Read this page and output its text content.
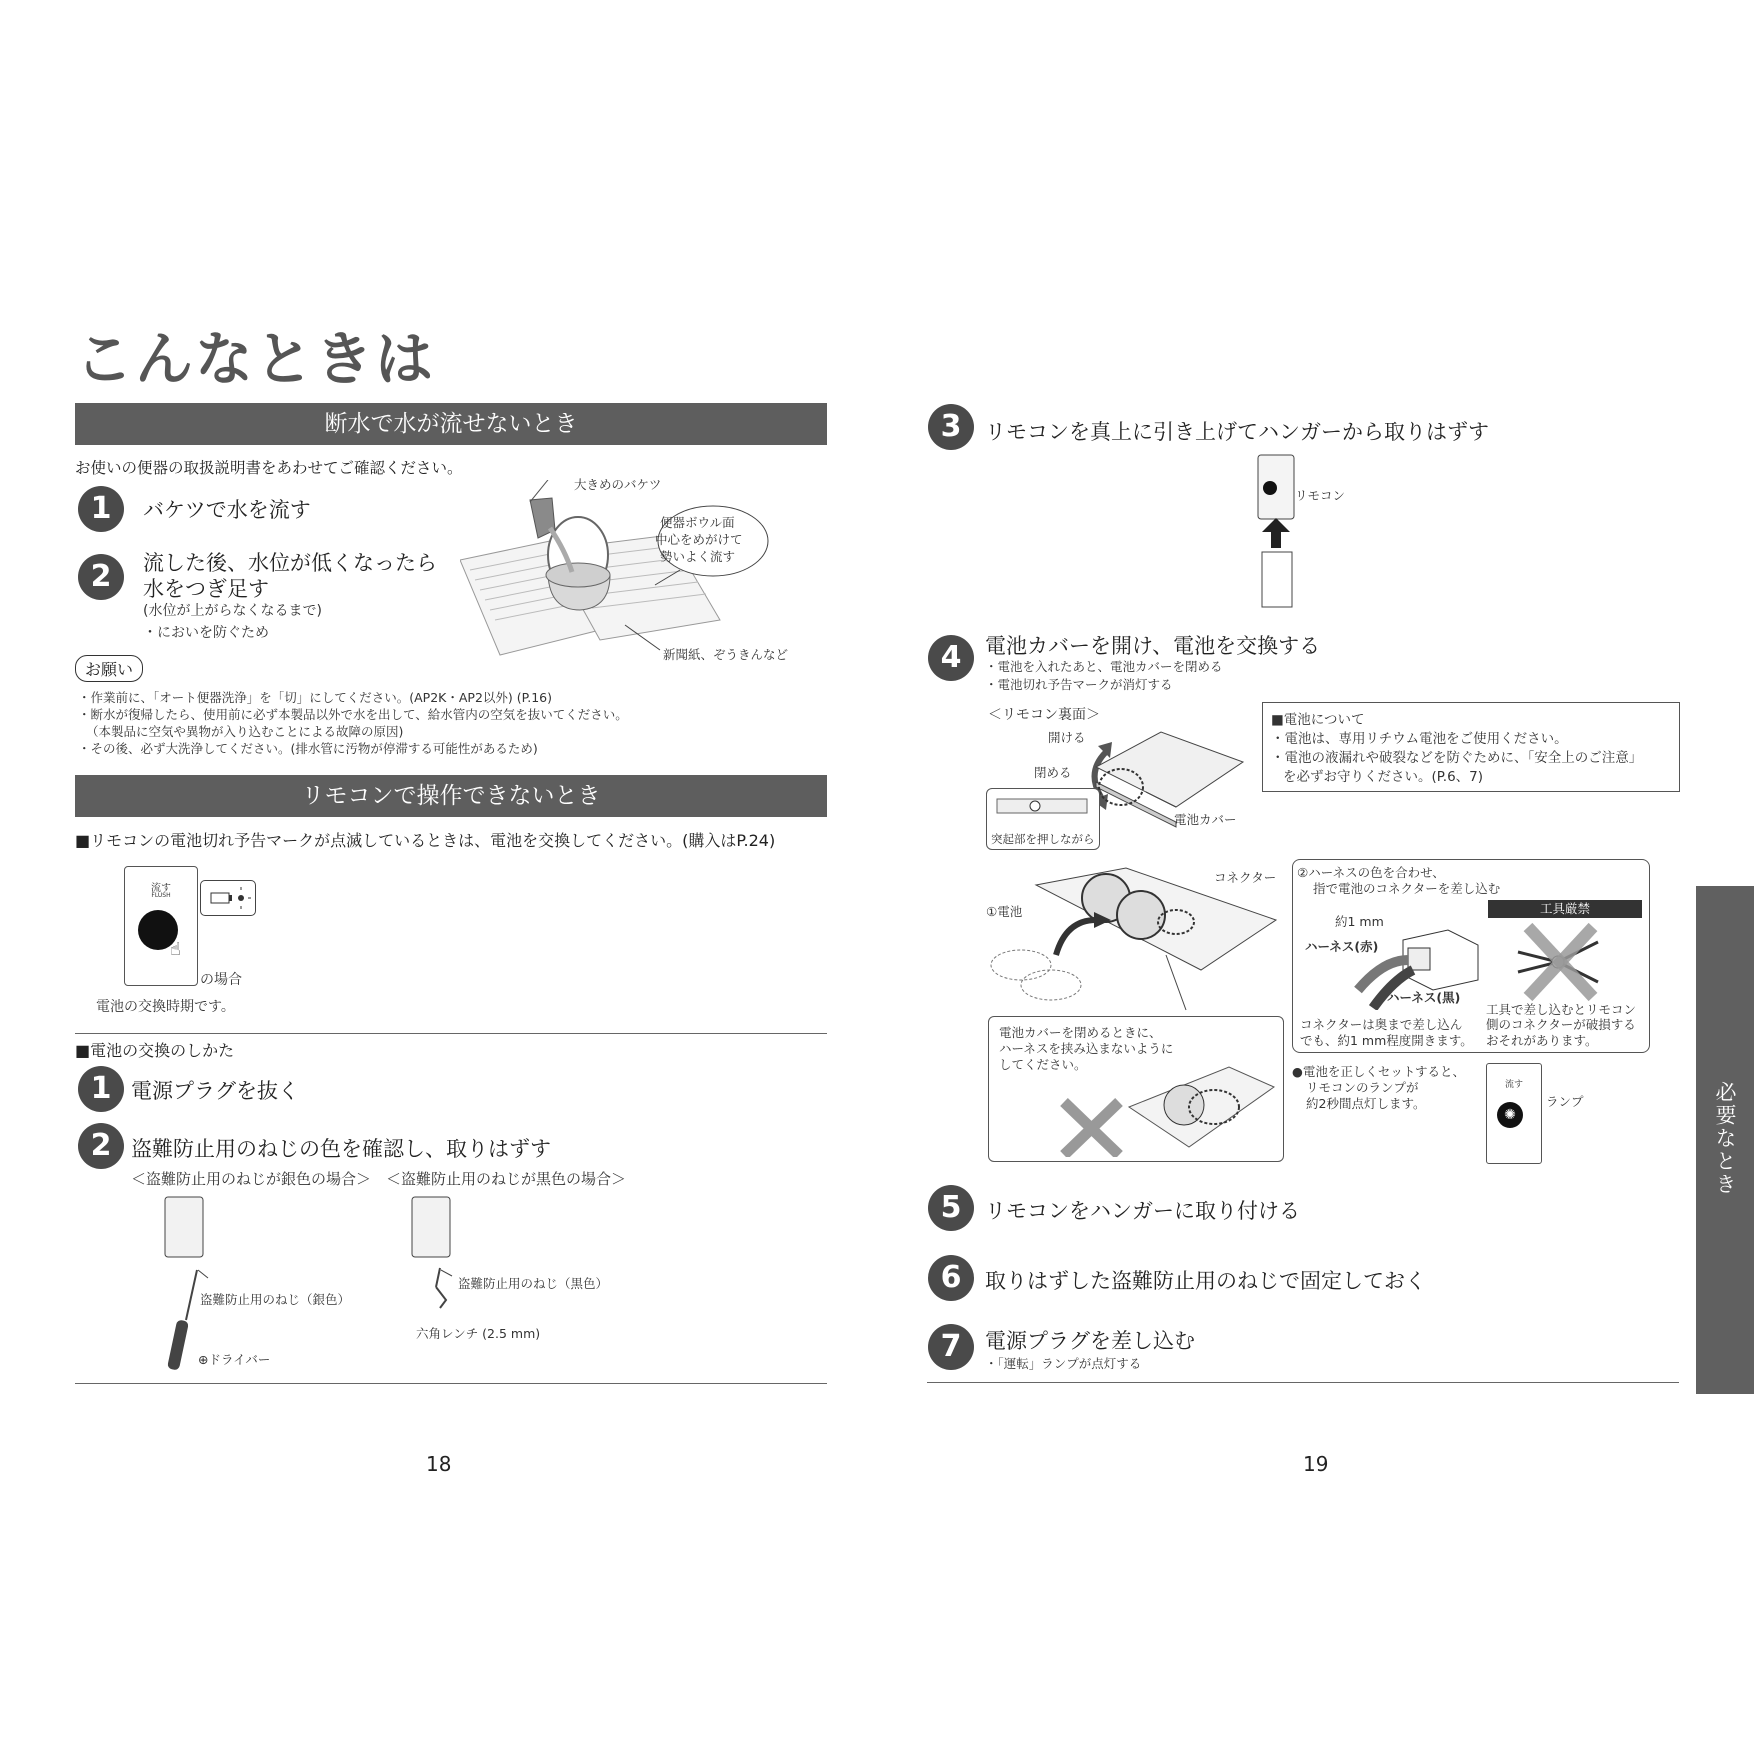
こんなときは
断水で水が流せないとき
お使いの便器の取扱説明書をあわせてご確認ください。
1	バケツで水を流す
2	流した後、水位が低くなったら
水をつぎ足す
(水位が上がらなくなるまで)
・においを防ぐため
大きめのバケツ
便器ボウル面
中心をめがけて
勢いよく流す
新聞紙、ぞうきんなど
お願い
・作業前に、「オート便器洗浄」を「切」にしてください。(AP2K・AP2以外) (P.16)
・断水が復帰したら、使用前に必ず本製品以外で水を出して、給水管内の空気を抜いてください。
（本製品に空気や異物が入り込むことによる故障の原因)
・その後、必ず大洗浄してください。(排水管に汚物が停滞する可能性があるため)
リモコンで操作できないとき
■リモコンの電池切れ予告マークが点滅しているときは、電池を交換してください。(購入はP.24)
流す
FLUSH
☝
の場合
電池の交換時期です。
■電池の交換のしかた
1 電源プラグを抜く
2 盗難防止用のねじの色を確認し、取りはずす
＜盗難防止用のねじが銀色の場合＞ ＜盗難防止用のねじが黒色の場合＞
盗難防止用のねじ（銀色）
⊕ドライバー
盗難防止用のねじ（黒色）
六角レンチ (2.5 mm)
18
3	リモコンを真上に引き上げてハンガーから取りはずす
リモコン
4	電池カバーを開け、電池を交換する
・電池を入れたあと、電池カバーを閉める
・電池切れ予告マークが消灯する
＜リモコン裏面＞
開ける
閉める
突起部を押しながら
電池カバー
■電池について
・電池は、専用リチウム電池をご使用ください。
・電池の液漏れや破裂などを防ぐために、「安全上のご注意」
を必ずお守りください。(P.6、7)
コネクター
①電池
②ハーネスの色を合わせ、
指で電池のコネクターを差し込む
約1 mm
ハーネス(赤)
ハーネス(黒)
工具厳禁
コネクターは奥まで差し込ん
でも、約1 mm程度開きます。
工具で差し込むとリモコン
側のコネクターが破損する
おそれがあります。
電池カバーを閉めるときに、
ハーネスを挟み込まないように
してください。	●電池を正しくセットすると、
リモコンのランプが
約2秒間点灯します。
流す
✺
ランプ
5	リモコンをハンガーに取り付ける
6	取りはずした盗難防止用のねじで固定しておく
7	電源プラグを差し込む
・「運転」ランプが点灯する
19
必要なとき
